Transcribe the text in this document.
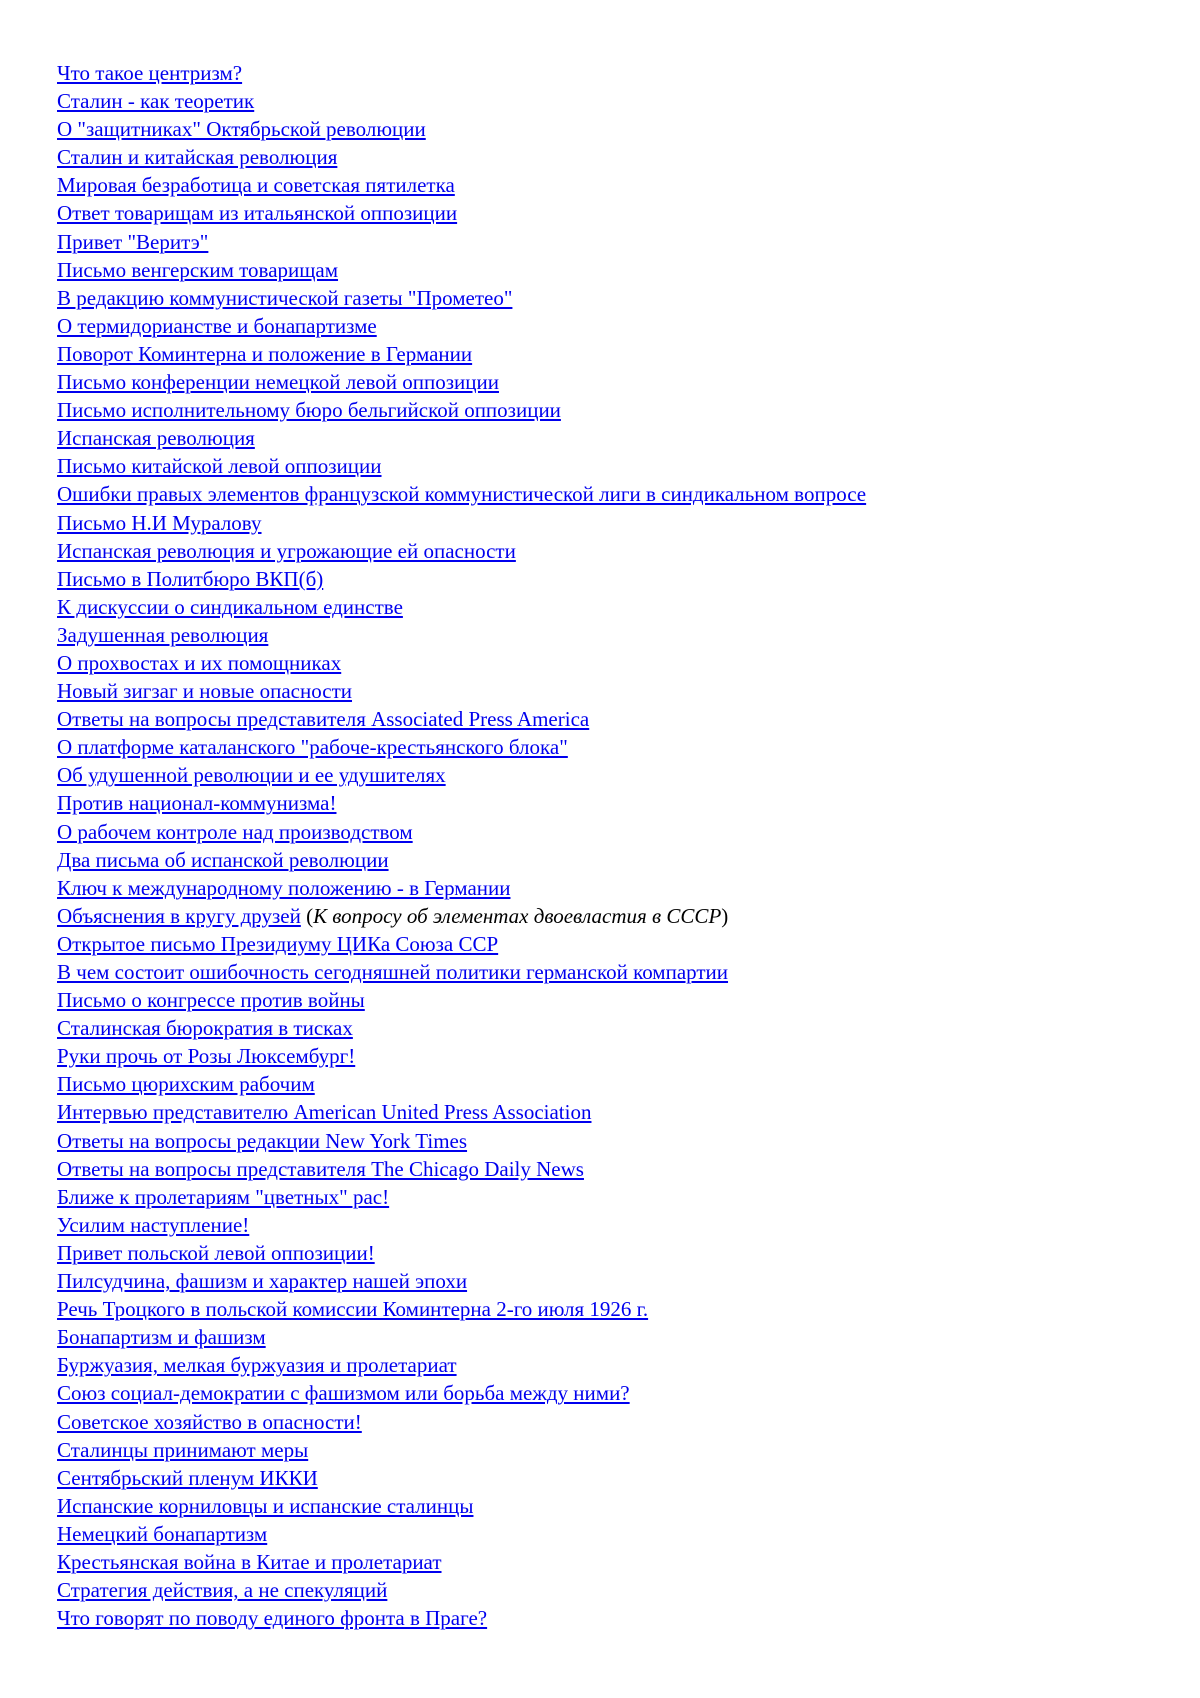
Что такое центризм?
Сталин - как теоретик
О "защитниках" Октябрьской революции
Сталин и китайская революция
Мировая безработица и советская пятилетка
Ответ товарищам из итальянской оппозиции
Привет "Веритэ"
Письмо венгерским товарищам
В редакцию коммунистической газеты "Прометео"
О термидорианстве и бонапартизме
Поворот Коминтерна и положение в Германии
Письмо конференции немецкой левой оппозиции
Письмо исполнительному бюро бельгийской оппозиции
Испанская революция
Письмо китайской левой оппозиции
Ошибки правых элементов французской коммунистической лиги в синдикальном вопросе
Письмо Н.И Муралову
Испанская революция и угрожающие ей опасности
Письмо в Политбюро ВКП(б)
К дискуссии о синдикальном единстве
Задушенная революция
О прохвостах и их помощниках
Новый зигзаг и новые опасности
Ответы на вопросы представителя Associated Press America
О платформе каталанского "рабоче-крестьянского блока"
Об удушенной революции и ее удушителях
Против национал-коммунизма!
О рабочем контроле над производством
Два письма об испанской революции
Ключ к международному положению - в Германии
Объяснения в кругу друзей (К вопросу об элементах двоевластия в СССР)
Открытое письмо Президиуму ЦИКа Союза ССР
В чем состоит ошибочность сегодняшней политики германской компартии
Письмо о конгрессе против войны
Сталинская бюрократия в тисках
Руки прочь от Розы Люксембург!
Письмо цюрихским рабочим
Интервью представителю American United Press Association
Ответы на вопросы редакции New York Times
Ответы на вопросы представителя The Chicago Daily News
Ближе к пролетариям "цветных" рас!
Усилим наступление!
Привет польской левой оппозиции!
Пилсудчина, фашизм и характер нашей эпохи
Речь Троцкого в польской комиссии Коминтерна 2-го июля 1926 г.
Бонапартизм и фашизм
Буржуазия, мелкая буржуазия и пролетариат
Союз социал-демократии с фашизмом или борьба между ними?
Советское хозяйство в опасности!
Сталинцы принимают меры
Сентябрьский пленум ИККИ
Испанские корниловцы и испанские сталинцы
Немецкий бонапартизм
Крестьянская война в Китае и пролетариат
Стратегия действия, а не спекуляций
Что говорят по поводу единого фронта в Праге?
